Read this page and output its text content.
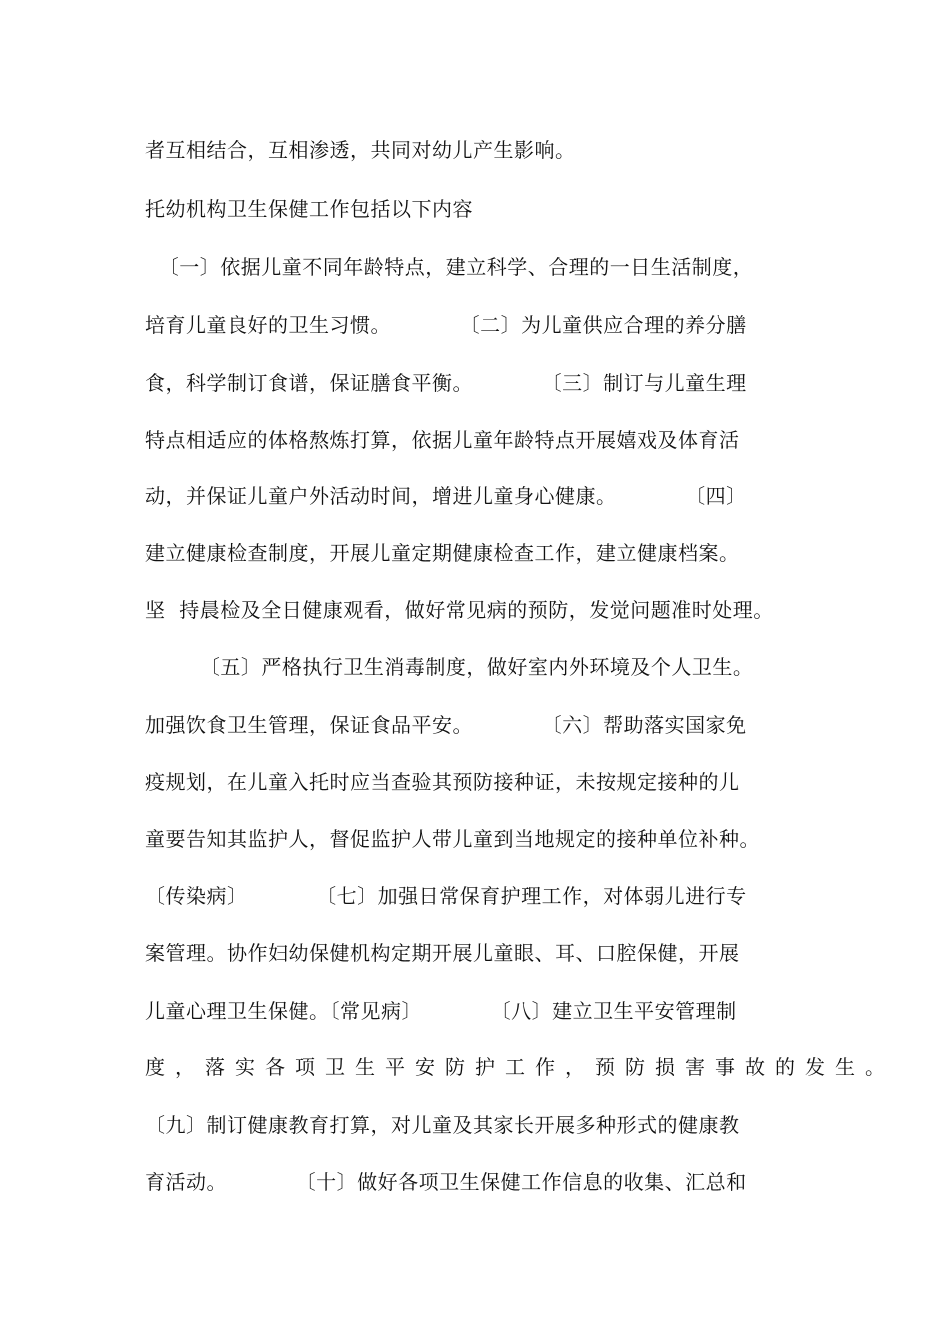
者互相结合，互相渗透，共同对幼儿产生影响。
托幼机构卫生保健工作包括以下内容
〔一〕依据儿童不同年龄特点，建立科学、合理的一日生活制度，
培育儿童良好的卫生习惯。          〔二〕为儿童供应合理的养分膳
食，科学制订食谱，保证膳食平衡。          〔三〕制订与儿童生理
特点相适应的体格熬炼打算，依据儿童年龄特点开展嬉戏及体育活
动，并保证儿童户外活动时间，增进儿童身心健康。          〔四〕
建立健康检查制度，开展儿童定期健康检查工作，建立健康档案。
坚  持晨检及全日健康观看，做好常见病的预防，发觉问题准时处理。
〔五〕严格执行卫生消毒制度，做好室内外环境及个人卫生。
加强饮食卫生管理，保证食品平安。          〔六〕帮助落实国家免
疫规划，在儿童入托时应当查验其预防接种证，未按规定接种的儿
童要告知其监护人，督促监护人带儿童到当地规定的接种单位补种。
〔传染病〕          〔七〕加强日常保育护理工作，对体弱儿进行专
案管理。协作妇幼保健机构定期开展儿童眼、耳、口腔保健，开展
儿童心理卫生保健。〔常见病〕          〔八〕建立卫生平安管理制
度，落实各项卫生平安防护工作，预防损害事故的发生。
〔九〕制订健康教育打算，对儿童及其家长开展多种形式的健康教
育活动。          〔十〕做好各项卫生保健工作信息的收集、汇总和
